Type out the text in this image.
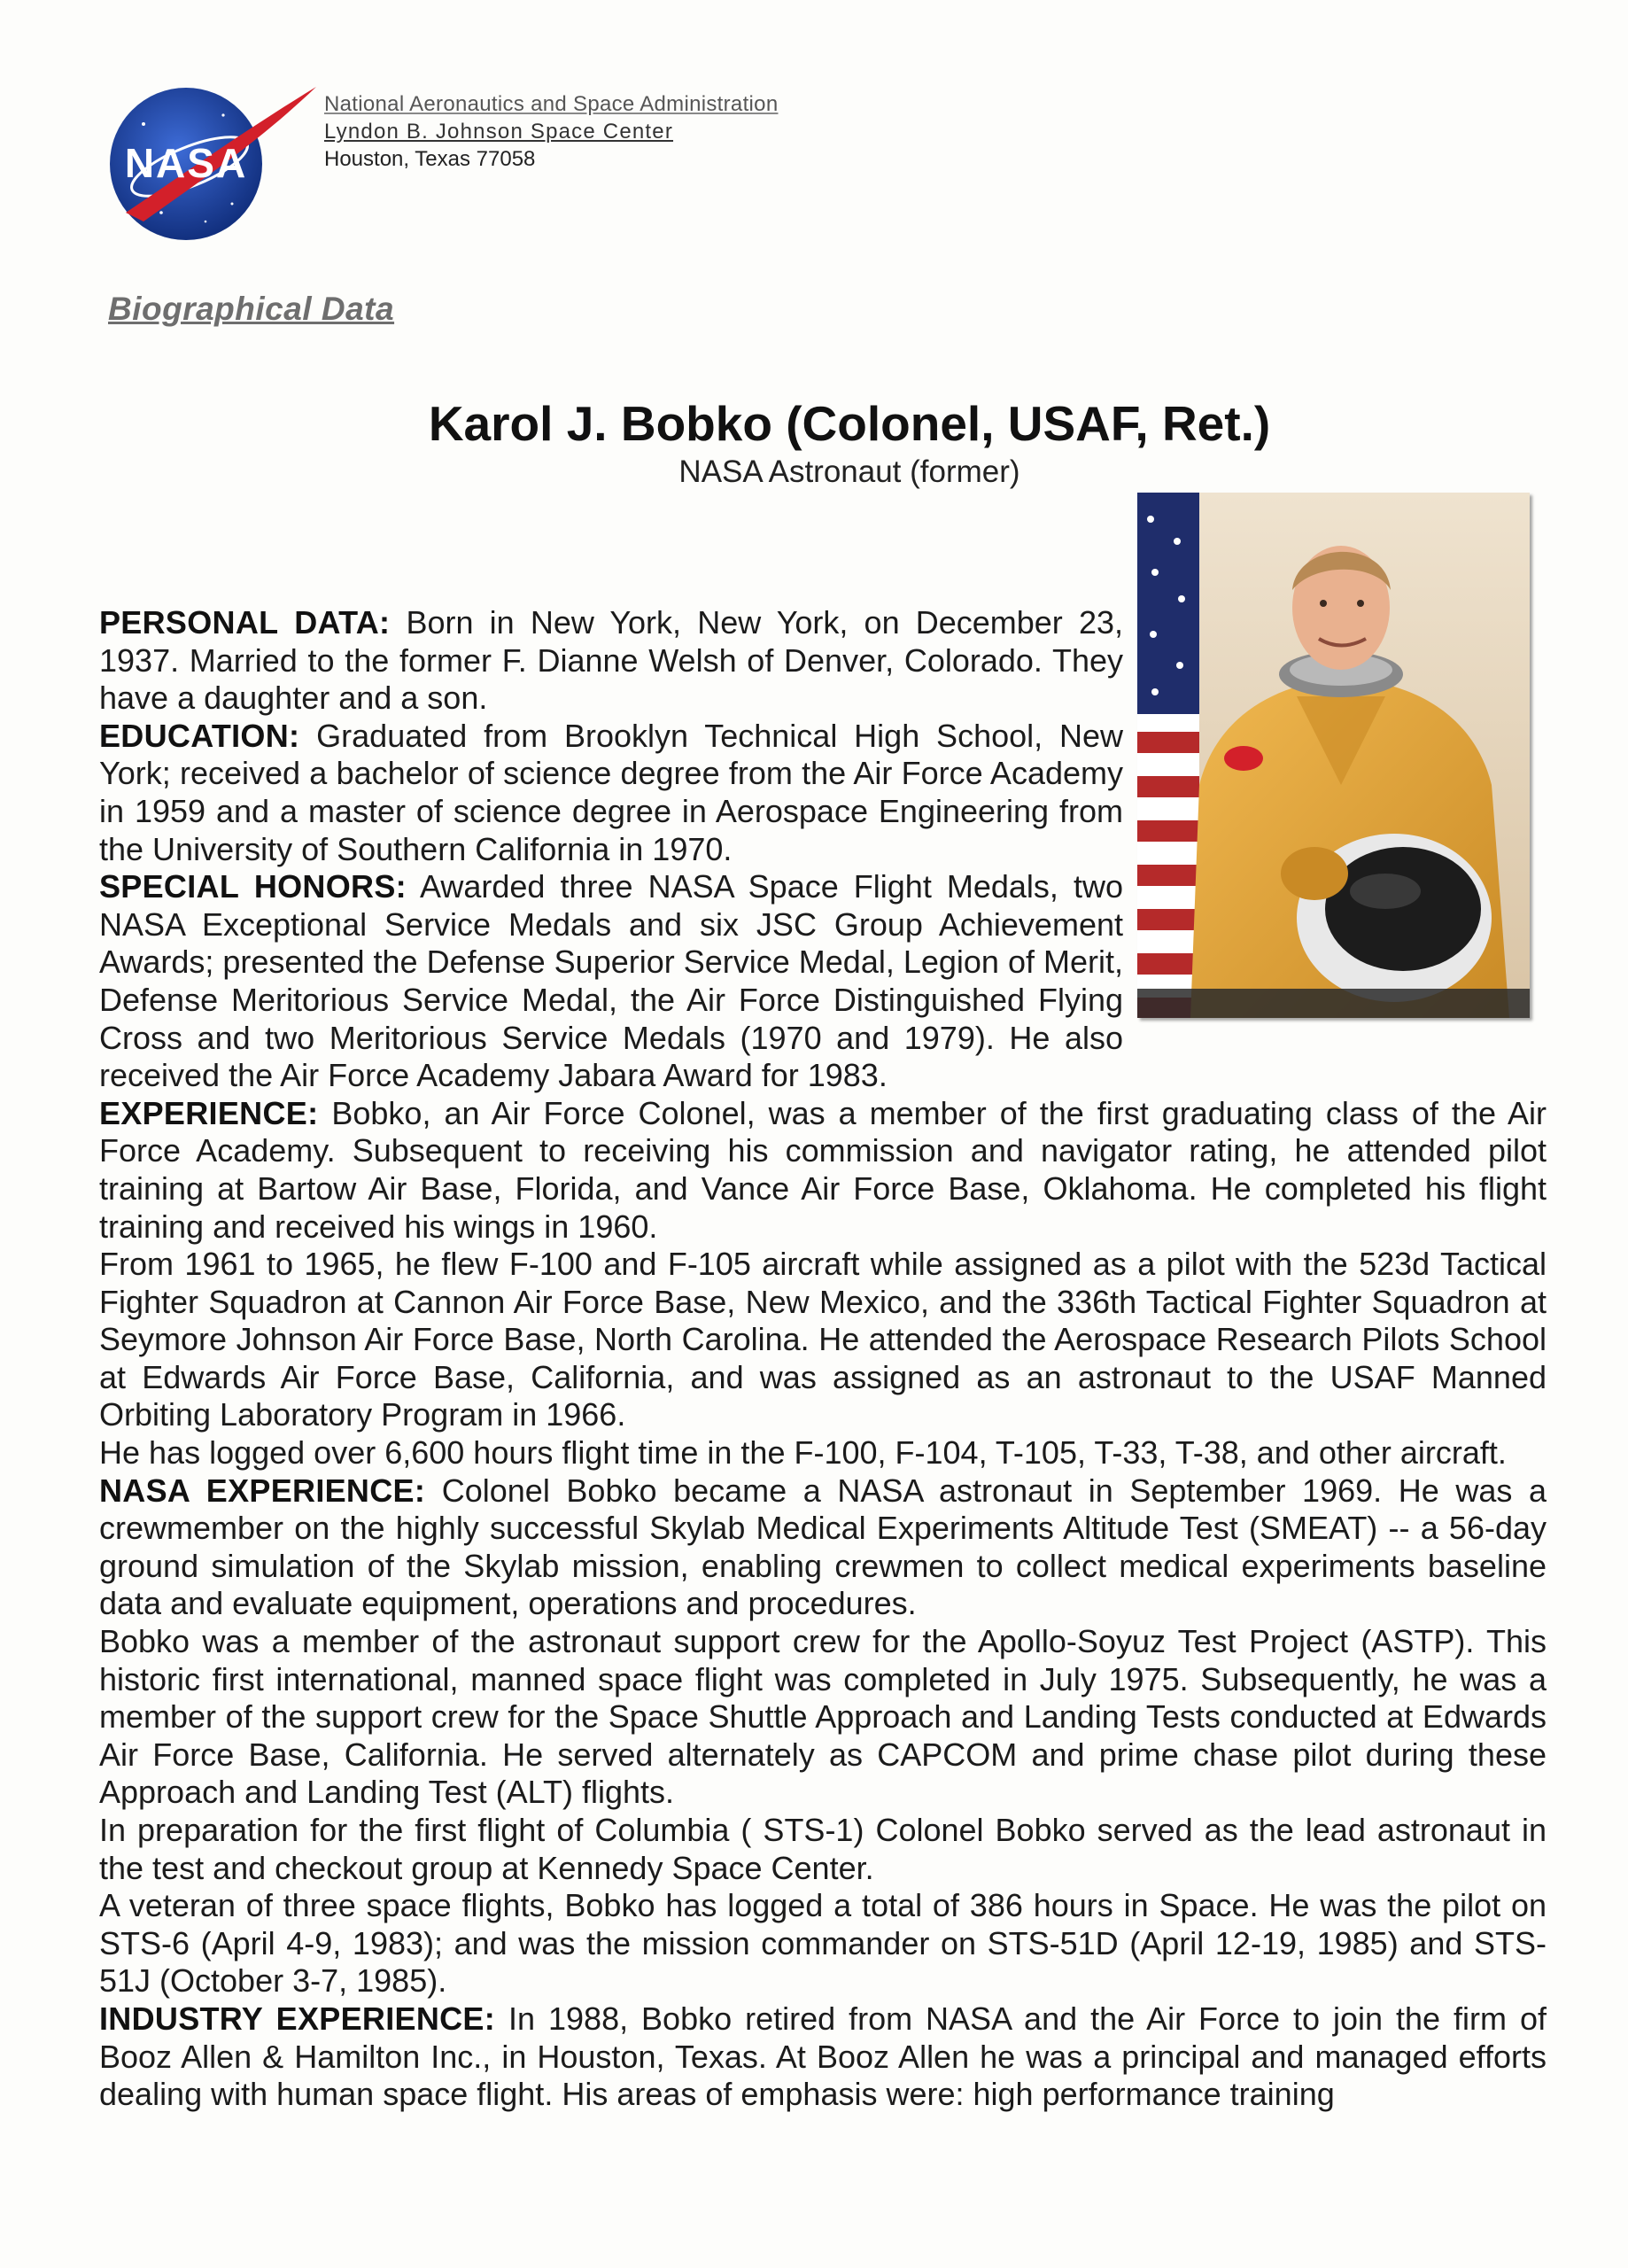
NASA
National Aeronautics and Space Administration
Lyndon B. Johnson Space Center
Houston, Texas 77058
Biographical Data
Karol J. Bobko (Colonel, USAF, Ret.)
NASA Astronaut (former)

PERSONAL DATA: Born in New York, New York, on December 23, 1937. Married to the former F. Dianne Welsh of Denver, Colorado. They have a daughter and a son.

EDUCATION: Graduated from Brooklyn Technical High School, New York; received a bachelor of science degree from the Air Force Academy in 1959 and a master of science degree in Aerospace Engineering from the University of Southern California in 1970.

SPECIAL HONORS: Awarded three NASA Space Flight Medals, two NASA Exceptional Service Medals and six JSC Group Achievement Awards; presented the Defense Superior Service Medal, Legion of Merit, Defense Meritorious Service Medal, the Air Force Distinguished Flying Cross and two Meritorious Service Medals (1970 and 1979). He also received the Air Force Academy Jabara Award for 1983.

EXPERIENCE: Bobko, an Air Force Colonel, was a member of the first graduating class of the Air Force Academy. Subsequent to receiving his commission and navigator rating, he attended pilot training at Bartow Air Base, Florida, and Vance Air Force Base, Oklahoma. He completed his flight training and received his wings in 1960.

From 1961 to 1965, he flew F-100 and F-105 aircraft while assigned as a pilot with the 523d Tactical Fighter Squadron at Cannon Air Force Base, New Mexico, and the 336th Tactical Fighter Squadron at Seymore Johnson Air Force Base, North Carolina. He attended the Aerospace Research Pilots School at Edwards Air Force Base, California, and was assigned as an astronaut to the USAF Manned Orbiting Laboratory Program in 1966.

He has logged over 6,600 hours flight time in the F-100, F-104, T-105, T-33, T-38, and other aircraft.

NASA EXPERIENCE: Colonel Bobko became a NASA astronaut in September 1969. He was a crewmember on the highly successful Skylab Medical Experiments Altitude Test (SMEAT) -- a 56-day ground simulation of the Skylab mission, enabling crewmen to collect medical experiments baseline data and evaluate equipment, operations and procedures.

Bobko was a member of the astronaut support crew for the Apollo-Soyuz Test Project (ASTP). This historic first international, manned space flight was completed in July 1975. Subsequently, he was a member of the support crew for the Space Shuttle Approach and Landing Tests conducted at Edwards Air Force Base, California. He served alternately as CAPCOM and prime chase pilot during these Approach and Landing Test (ALT) flights.

In preparation for the first flight of Columbia ( STS-1) Colonel Bobko served as the lead astronaut in the test and checkout group at Kennedy Space Center.

A veteran of three space flights, Bobko has logged a total of 386 hours in Space. He was the pilot on STS-6 (April 4-9, 1983); and was the mission commander on STS-51D (April 12-19, 1985) and STS-51J (October 3-7, 1985).

INDUSTRY EXPERIENCE: In 1988, Bobko retired from NASA and the Air Force to join the firm of Booz Allen & Hamilton Inc., in Houston, Texas. At Booz Allen he was a principal and managed efforts dealing with human space flight. His areas of emphasis were: high performance training
